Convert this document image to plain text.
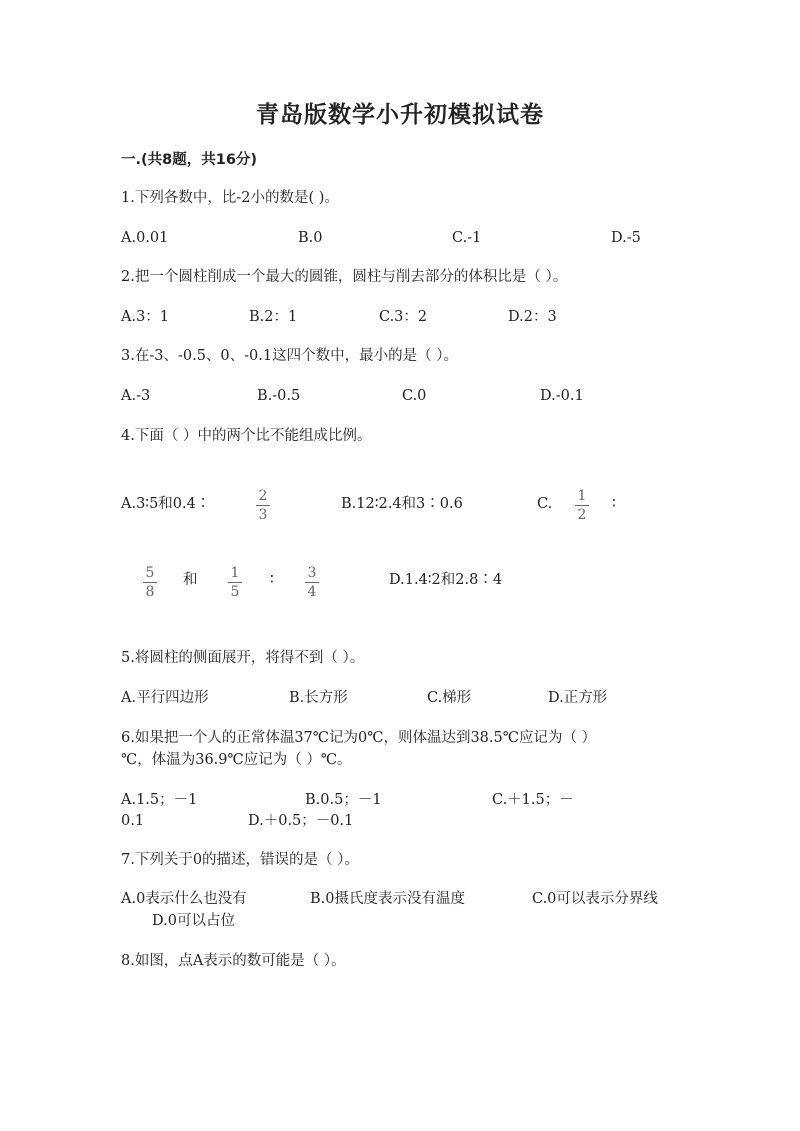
青岛版数学小升初模拟试卷
一.(共8题，共16分)
1.下列各数中，比-2小的数是( )。
A.0.01	B.0	C.-1	D.-5
2.把一个圆柱削成一个最大的圆锥，圆柱与削去部分的体积比是（ ）。
A.3：1	B.2：1	C.3：2	D.2：3
3.在-3、-0.5、0、-0.1这四个数中，最小的是（ ）。
A.-3	B.-0.5	C.0	D.-0.1
4.下面（ ）中的两个比不能组成比例。
A.3∶5和0.4∶	2
3
B.12∶2.4和3∶0.6	C. 1
2
∶
5
8
和 1
5
∶ 3
4
D.1.4∶2和2.8∶4
5.将圆柱的侧面展开，将得不到（ ）。
A.平行四边形	B.长方形	C.梯形	D.正方形
6.如果把一个人的正常体温37℃记为0℃，则体温达到38.5℃应记为（ ）
℃，体温为36.9℃应记为（ ）℃。
A.1.5；－1	B.0.5；－1	C.＋1.5；－
0.1	D.＋0.5；－0.1
7.下列关于0的描述，错误的是（ ）。
A.0表示什么也没有	B.0摄氏度表示没有温度	C.0可以表示分界线
D.0可以占位
8.如图，点A表示的数可能是（ ）。
